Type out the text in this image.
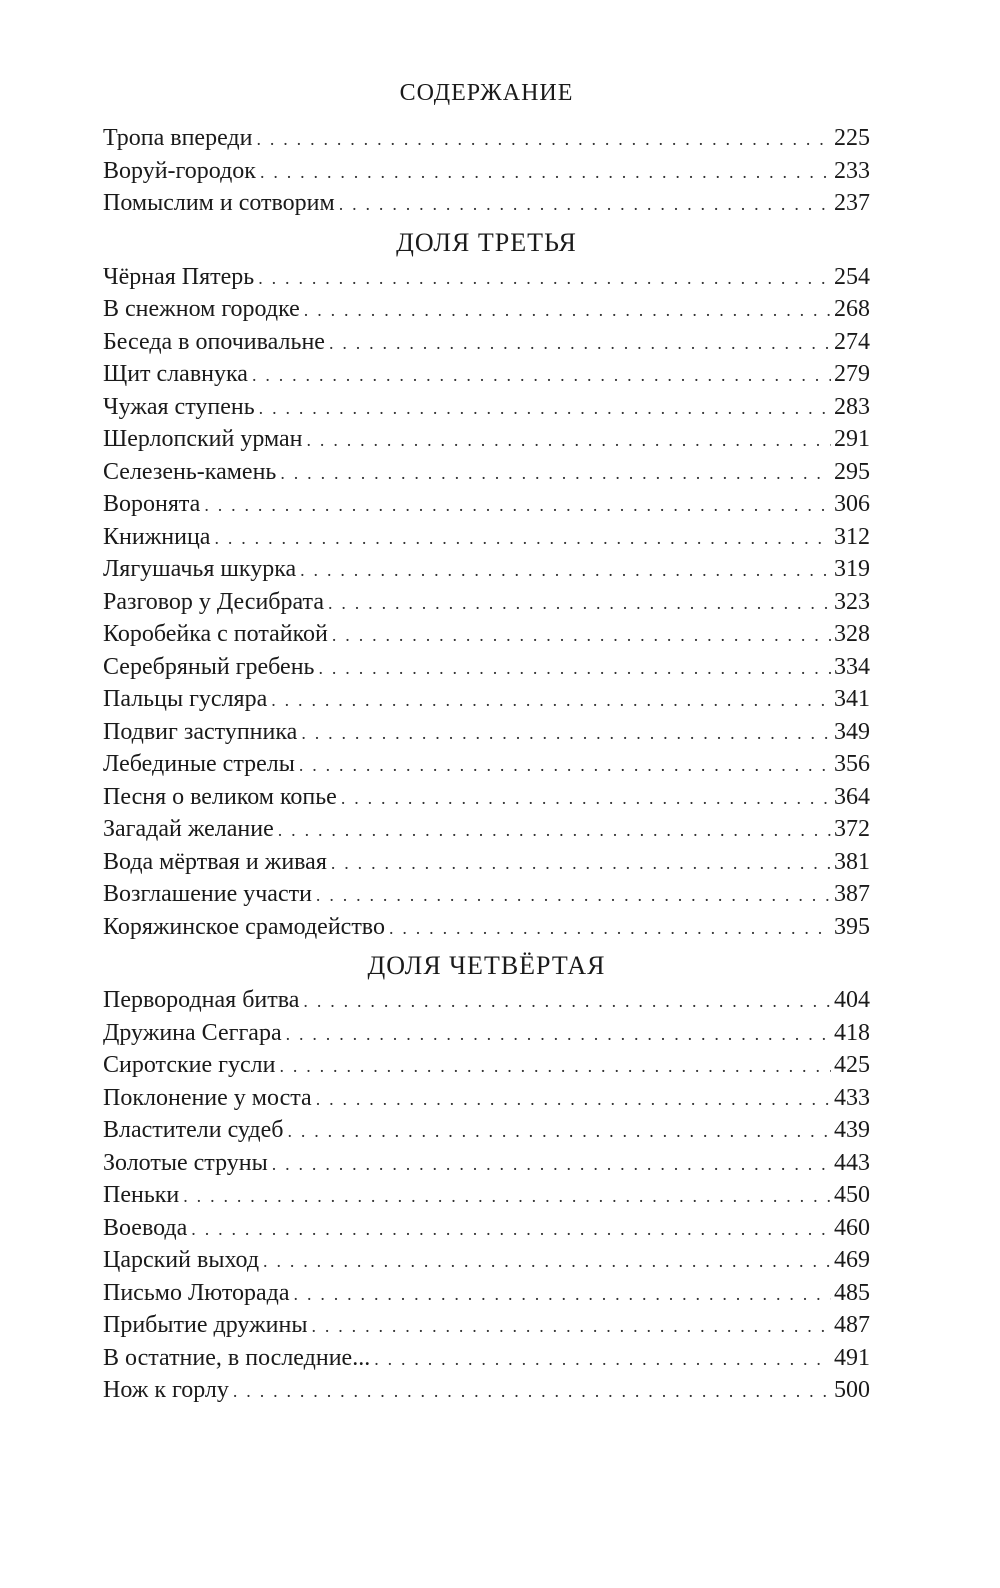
СОДЕРЖАНИЕ
Тропа впереди . . .	225
Воруй-городок . . .	233
Помыслим и сотворим . . .	237
ДОЛЯ ТРЕТЬЯ
Чёрная Пятерь . . .	254
В снежном городке . . .	268
Беседа в опочивальне . . .	274
Щит славнука . . .	279
Чужая ступень . . .	283
Шерлопский урман . . .	291
Селезень-камень . . .	295
Воронята . . .	306
Книжница . . .	312
Лягушачья шкурка . . .	319
Разговор у Десибрата . . .	323
Коробейка с потайкой . . .	328
Серебряный гребень . . .	334
Пальцы гусляра . . .	341
Подвиг заступника . . .	349
Лебединые стрелы . . .	356
Песня о великом копье . . .	364
Загадай желание . . .	372
Вода мёртвая и живая . . .	381
Возглашение участи . . .	387
Коряжинское срамодейство . . .	395
ДОЛЯ ЧЕТВЁРТАЯ
Первородная битва . . .	404
Дружина Сеггара . . .	418
Сиротские гусли . . .	425
Поклонение у моста . . .	433
Властители судеб . . .	439
Золотые струны . . .	443
Пеньки . . .	450
Воевода . . .	460
Царский выход . . .	469
Письмо Люторада . . .	485
Прибытие дружины . . .	487
В остатние, в последние... . . .	491
Нож к горлу . . .	500
